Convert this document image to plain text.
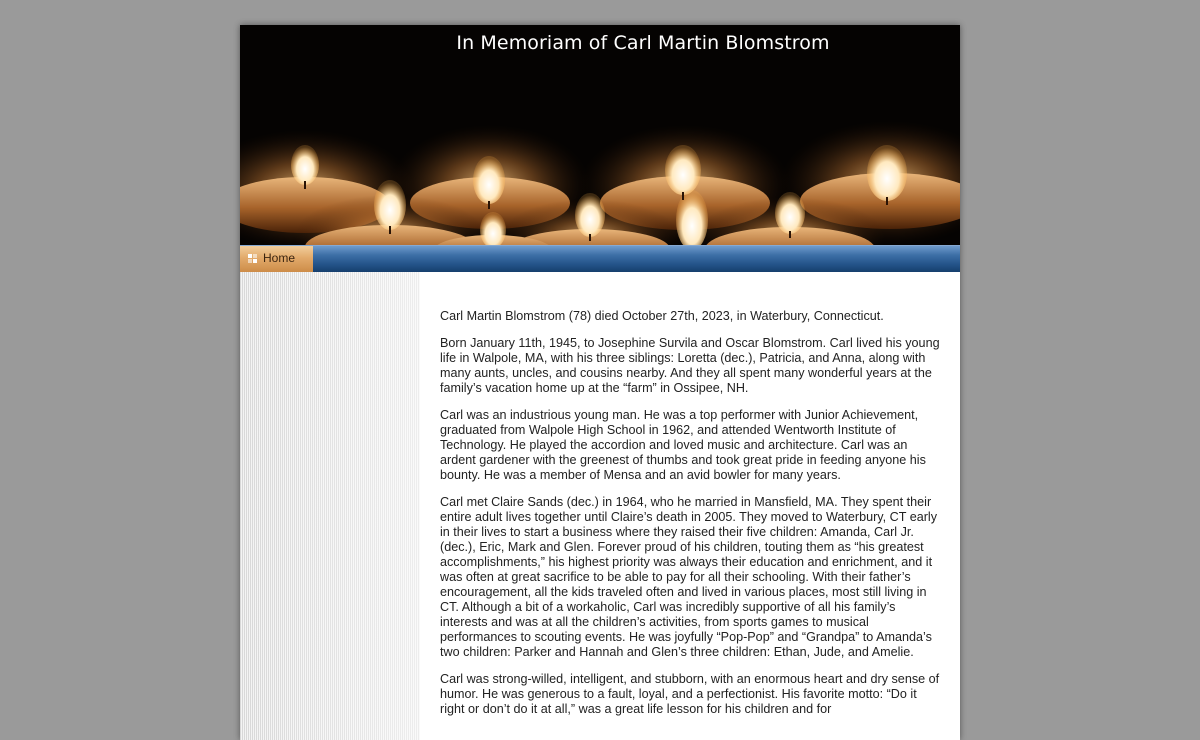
In Memoriam of Carl Martin Blomstrom
Home

Carl Martin Blomstrom (78) died October 27th, 2023, in Waterbury, Connecticut.

Born January 11th, 1945, to Josephine Survila and Oscar Blomstrom. Carl lived his young life in Walpole, MA, with his three siblings: Loretta (dec.), Patricia, and Anna, along with many aunts, uncles, and cousins nearby. And they all spent many wonderful years at the family’s vacation home up at the “farm” in Ossipee, NH.

Carl was an industrious young man. He was a top performer with Junior Achievement, graduated from Walpole High School in 1962, and attended Wentworth Institute of Technology. He played the accordion and loved music and architecture. Carl was an ardent gardener with the greenest of thumbs and took great pride in feeding anyone his bounty. He was a member of Mensa and an avid bowler for many years.

Carl met Claire Sands (dec.) in 1964, who he married in Mansfield, MA. They spent their entire adult lives together until Claire’s death in 2005. They moved to Waterbury, CT early in their lives to start a business where they raised their five children: Amanda, Carl Jr. (dec.), Eric, Mark and Glen. Forever proud of his children, touting them as “his greatest accomplishments,” his highest priority was always their education and enrichment, and it was often at great sacrifice to be able to pay for all their schooling. With their father’s encouragement, all the kids traveled often and lived in various places, most still living in CT. Although a bit of a workaholic, Carl was incredibly supportive of all his family’s interests and was at all the children’s activities, from sports games to musical performances to scouting events. He was joyfully “Pop-Pop” and “Grandpa” to Amanda’s two children: Parker and Hannah and Glen’s three children: Ethan, Jude, and Amelie.

Carl was strong-willed, intelligent, and stubborn, with an enormous heart and dry sense of humor. He was generous to a fault, loyal, and a perfectionist. His favorite motto: “Do it right or don’t do it at all,” was a great life lesson for his children and for
